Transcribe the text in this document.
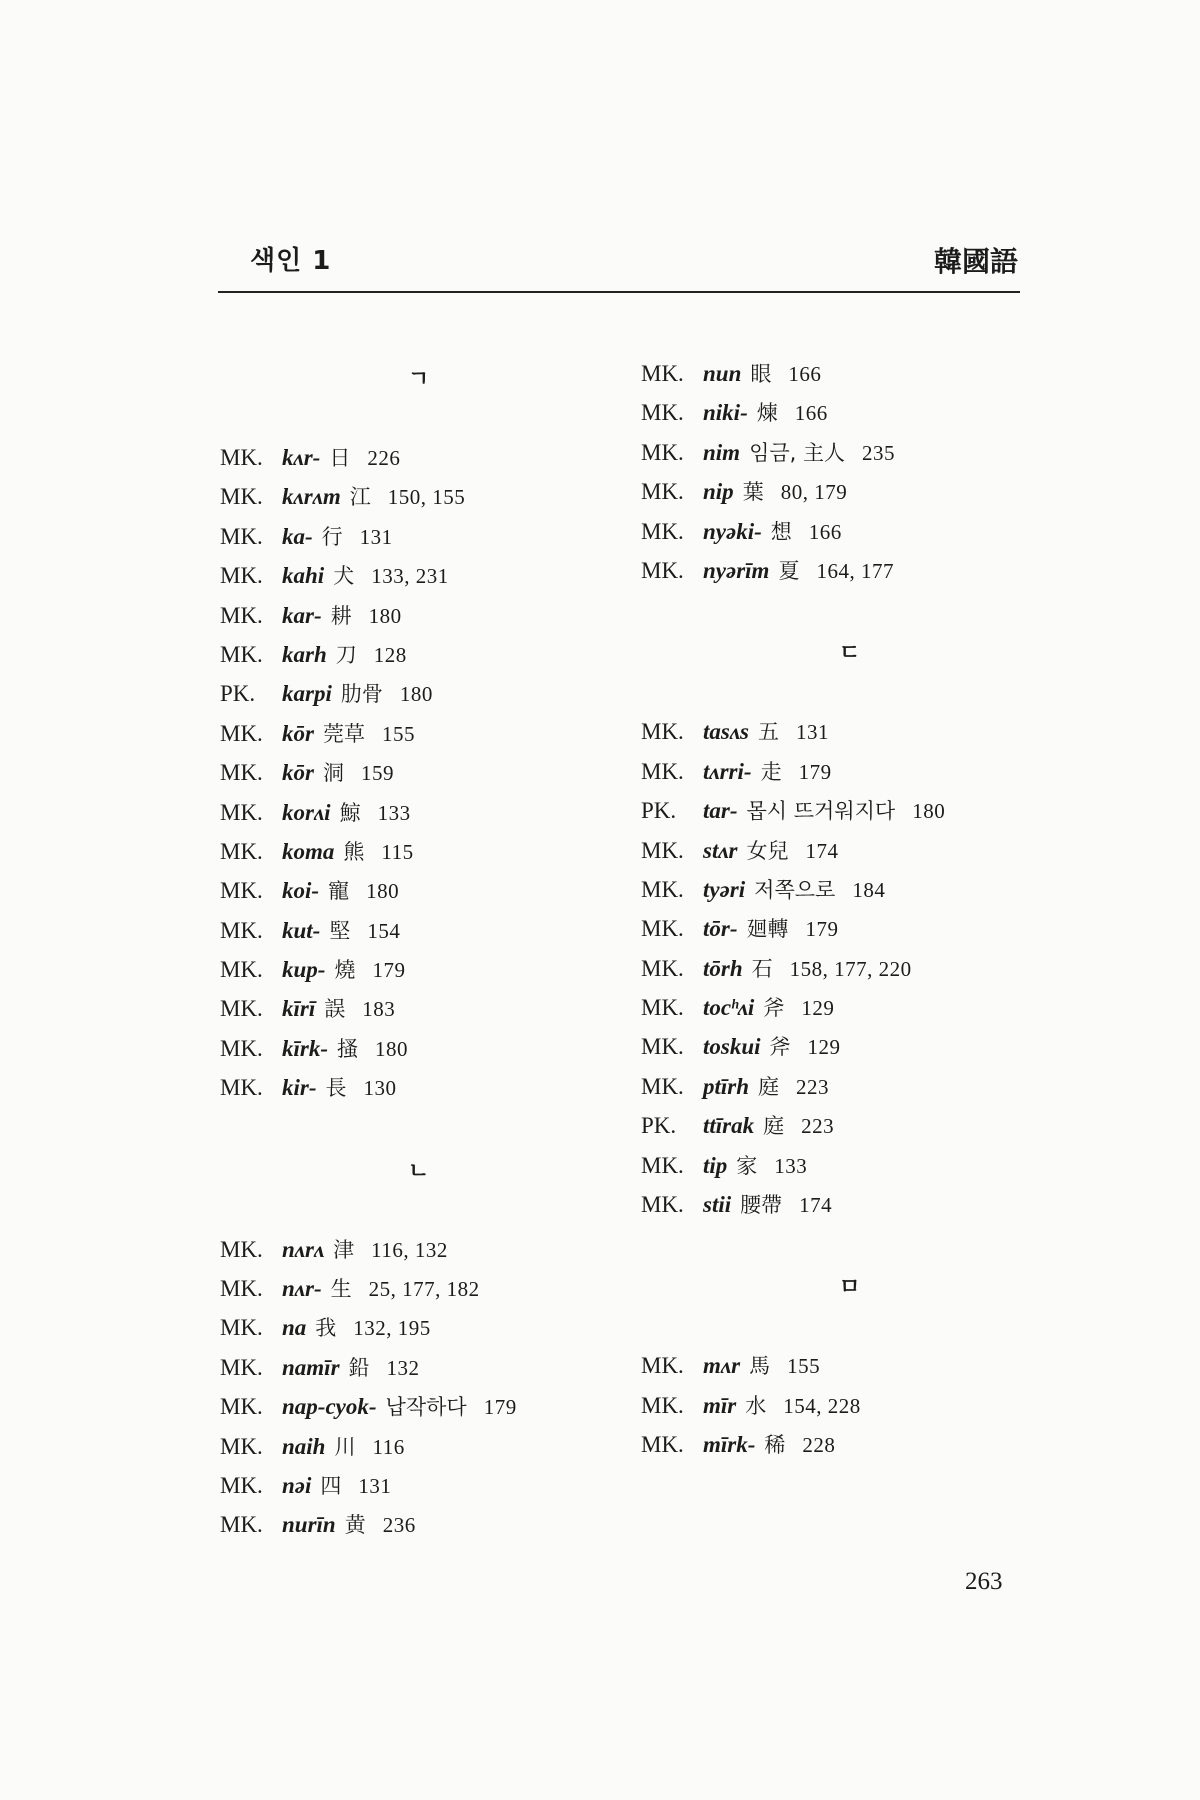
색인 1	韓國語
ㄱ
MK. kʌr- 日 226
MK. kʌrʌm 江 150, 155
MK. ka- 行 131
MK. kahi 犬 133, 231
MK. kar- 耕 180
MK. karh 刀 128
PK. karpi 肋骨 180
MK. kōr 莞草 155
MK. kōr 洞 159
MK. korʌi 鯨 133
MK. koma 熊 115
MK. koi- 寵 180
MK. kut- 堅 154
MK. kup- 燒 179
MK. kīrī 誤 183
MK. kīrk- 搔 180
MK. kir- 長 130
ㄴ
MK. nʌrʌ 津 116, 132
MK. nʌr- 生 25, 177, 182
MK. na 我 132, 195
MK. namīr 鉛 132
MK. nap-cyok- 납작하다 179
MK. naih 川 116
MK. nəi 四 131
MK. nurīn 黄 236
MK. nun 眼 166
MK. niki- 煉 166
MK. nim 임금, 主人 235
MK. nip 葉 80, 179
MK. nyəki- 想 166
MK. nyərīm 夏 164, 177
ㄷ
MK. tasʌs 五 131
MK. tʌrri- 走 179
PK. tar- 몹시 뜨거워지다 180
MK. stʌr 女兒 174
MK. tyəri 저쪽으로 184
MK. tōr- 廻轉 179
MK. tōrh 石 158, 177, 220
MK. tocʰʌi 斧 129
MK. toskui 斧 129
MK. ptīrh 庭 223
PK. ttīrak 庭 223
MK. tip 家 133
MK. stii 腰帶 174
ㅁ
MK. mʌr 馬 155
MK. mīr 水 154, 228
MK. mīrk- 稀 228
263
